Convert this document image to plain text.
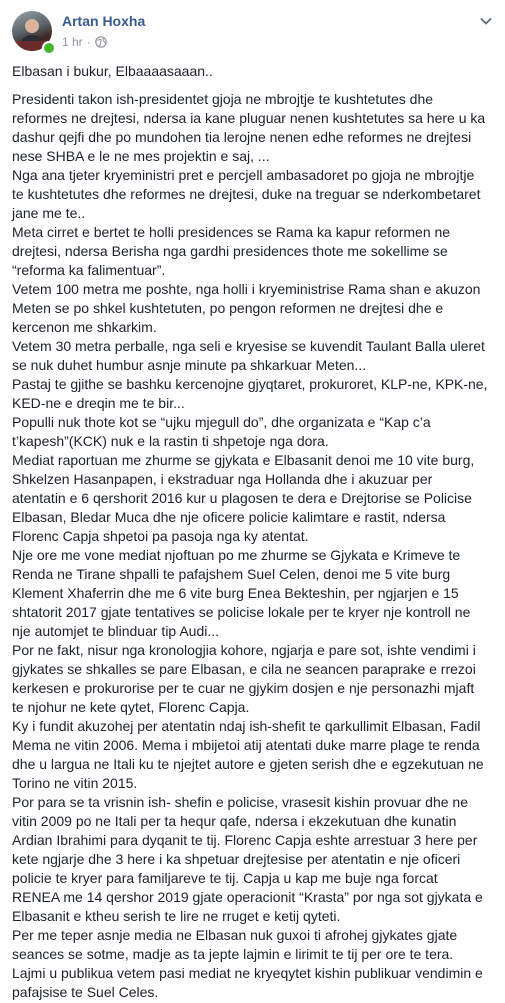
Artan Hoxha
1 hr ·

Elbasan i bukur, Elbaaaasaaan..

Presidenti takon ish-presidentet gjoja ne mbrojtje te kushtetutes dhe
reformes ne drejtesi, ndersa ia kane pluguar nenen kushtetutes sa here u ka
dashur qejfi dhe po mundohen tia lerojne nenen edhe reformes ne drejtesi
nese SHBA e le ne mes projektin e saj, ...

Nga ana tjeter kryeministri pret e percjell ambasadoret po gjoja ne mbrojtje
te kushtetutes dhe reformes ne drejtesi, duke na treguar se nderkombetaret
jane me te..

Meta cirret e bertet te holli presidences se Rama ka kapur reformen ne
drejtesi, ndersa Berisha nga gardhi presidences thote me sokellime se
“reforma ka falimentuar”.

Vetem 100 metra me poshte, nga holli i kryeministrise Rama shan e akuzon
Meten se po shkel kushtetuten, po pengon reformen ne drejtesi dhe e
kercenon me shkarkim.

Vetem 30 metra perballe, nga seli e kryesise se kuvendit Taulant Balla uleret
se nuk duhet humbur asnje minute pa shkarkuar Meten...

Pastaj te gjithe se bashku kercenojne gjyqtaret, prokuroret, KLP-ne, KPK-ne,
KED-ne e dreqin me te bir...

Populli nuk thote kot se “ujku mjegull do”, dhe organizata e “Kap c’a
t’kapesh”(KCK) nuk e la rastin ti shpetoje nga dora.

Mediat raportuan me zhurme se gjykata e Elbasanit denoi me 10 vite burg,
Shkelzen Hasanpapen, i ekstraduar nga Hollanda dhe i akuzuar per
atentatin e 6 qershorit 2016 kur u plagosen te dera e Drejtorise se Policise
Elbasan, Bledar Muca dhe nje oficere policie kalimtare e rastit, ndersa
Florenc Capja shpetoi pa pasoja nga ky atentat.

Nje ore me vone mediat njoftuan po me zhurme se Gjykata e Krimeve te
Renda ne Tirane shpalli te pafajshem Suel Celen, denoi me 5 vite burg
Klement Xhaferrin dhe me 6 vite burg Enea Bekteshin, per ngjarjen e 15
shtatorit 2017 gjate tentatives se policise lokale per te kryer nje kontroll ne
nje automjet te blinduar tip Audi...

Por ne fakt, nisur nga kronologjia kohore, ngjarja e pare sot, ishte vendimi i
gjykates se shkalles se pare Elbasan, e cila ne seancen paraprake e rrezoi
kerkesen e prokurorise per te cuar ne gjykim dosjen e nje personazhi mjaft
te njohur ne kete qytet, Florenc Capja.

Ky i fundit akuzohej per atentatin ndaj ish-shefit te qarkullimit Elbasan, Fadil
Mema ne vitin 2006. Mema i mbijetoi atij atentati duke marre plage te renda
dhe u largua ne Itali ku te njejtet autore e gjeten serish dhe e egzekutuan ne
Torino ne vitin 2015.

Por para se ta vrisnin ish- shefin e policise, vrasesit kishin provuar dhe ne
vitin 2009 po ne Itali per ta hequr qafe, ndersa i ekzekutuan dhe kunatin
Ardian Ibrahimi para dyqanit te tij. Florenc Capja eshte arrestuar 3 here per
kete ngjarje dhe 3 here i ka shpetuar drejtesise per atentatin e nje oficeri
policie te kryer para familjareve te tij. Capja u kap me buje nga forcat
RENEA me 14 qershor 2019 gjate operacionit “Krasta” por nga sot gjykata e
Elbasanit e ktheu serish te lire ne rruget e ketij qyteti.

Per me teper asnje media ne Elbasan nuk guxoi ti afrohej gjykates gjate
seances se sotme, madje as ta jepte lajmin e lirimit te tij per ore te tera.
Lajmi u publikua vetem pasi mediat ne kryeqytet kishin publikuar vendimin e
pafajsise te Suel Celes.
